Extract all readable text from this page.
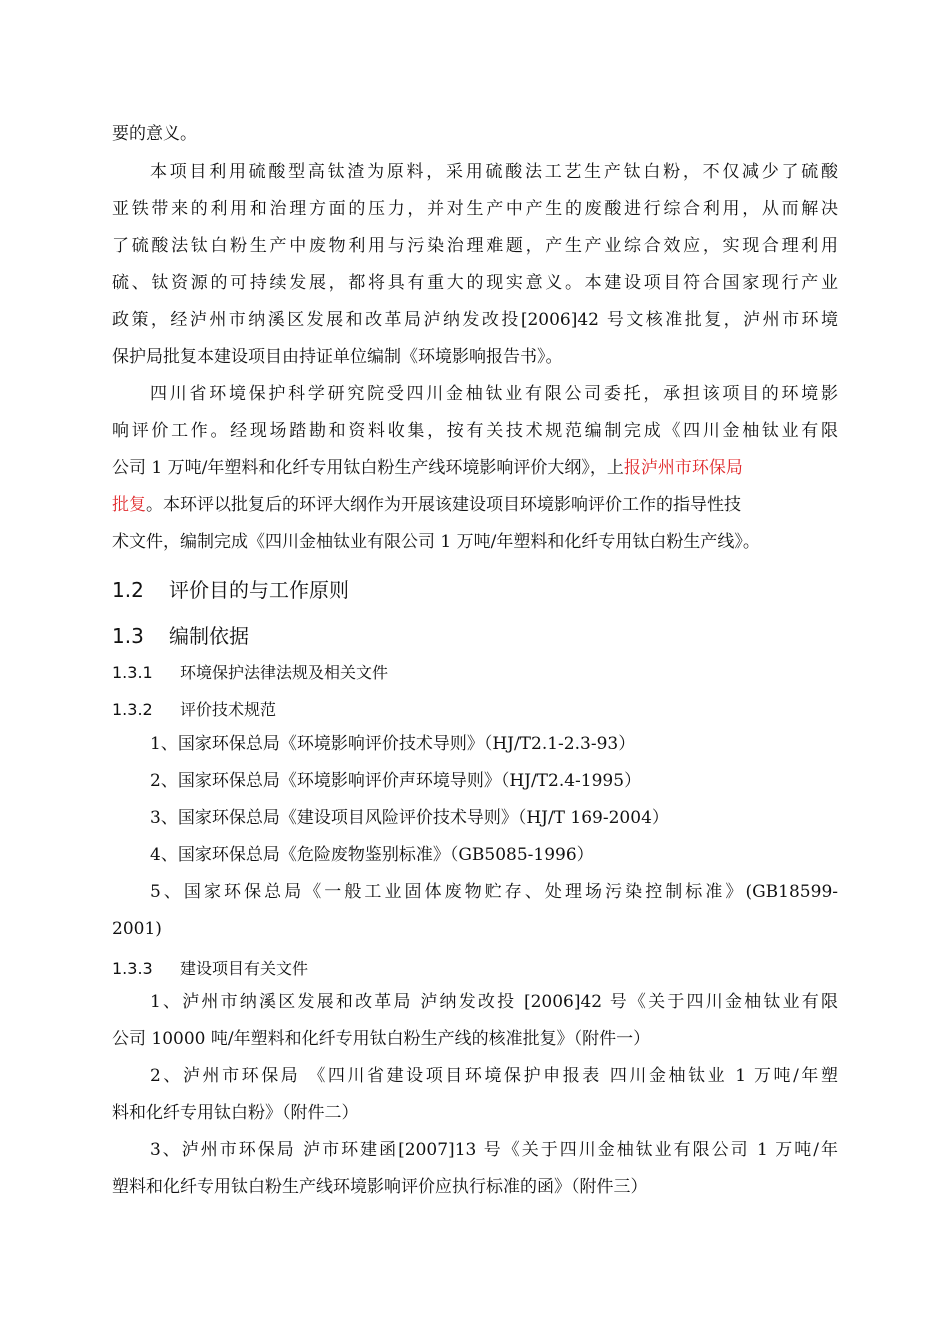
要的意义。

本项目利用硫酸型高钛渣为原料，采用硫酸法工艺生产钛白粉，不仅减少了硫酸

亚铁带来的利用和治理方面的压力，并对生产中产生的废酸进行综合利用，从而解决

了硫酸法钛白粉生产中废物利用与污染治理难题，产生产业综合效应，实现合理利用

硫、钛资源的可持续发展，都将具有重大的现实意义。本建设项目符合国家现行产业

政策，经泸州市纳溪区发展和改革局泸纳发改投[2006]42 号文核准批复，泸州市环境

保护局批复本建设项目由持证单位编制《环境影响报告书》。

四川省环境保护科学研究院受四川金柚钛业有限公司委托，承担该项目的环境影

响评价工作。经现场踏勘和资料收集，按有关技术规范编制完成《四川金柚钛业有限

公司 1 万吨/年塑料和化纤专用钛白粉生产线环境影响评价大纲》，上报泸州市环保局

批复。本环评以批复后的环评大纲作为开展该建设项目环境影响评价工作的指导性技

术文件，编制完成《四川金柚钛业有限公司 1 万吨/年塑料和化纤专用钛白粉生产线》。

1.2 评价目的与工作原则
1.3 编制依据
1.3.1 环境保护法律法规及相关文件
1.3.2 评价技术规范

1、国家环保总局《环境影响评价技术导则》（HJ/T2.1-2.3-93）

2、国家环保总局《环境影响评价声环境导则》（HJ/T2.4-1995）

3、国家环保总局《建设项目风险评价技术导则》（HJ/T 169-2004）

4、国家环保总局《危险废物鉴别标准》（GB5085-1996）

5、国家环保总局《一般工业固体废物贮存、处理场污染控制标准》(GB18599-

2001)

1.3.3 建设项目有关文件

1、泸州市纳溪区发展和改革局 泸纳发改投 [2006]42 号《关于四川金柚钛业有限

公司 10000 吨/年塑料和化纤专用钛白粉生产线的核准批复》（附件一）

2、泸州市环保局 《四川省建设项目环境保护申报表 四川金柚钛业 1 万吨/年塑

料和化纤专用钛白粉》（附件二）

3、泸州市环保局 泸市环建函[2007]13 号《关于四川金柚钛业有限公司 1 万吨/年

塑料和化纤专用钛白粉生产线环境影响评价应执行标准的函》（附件三）
